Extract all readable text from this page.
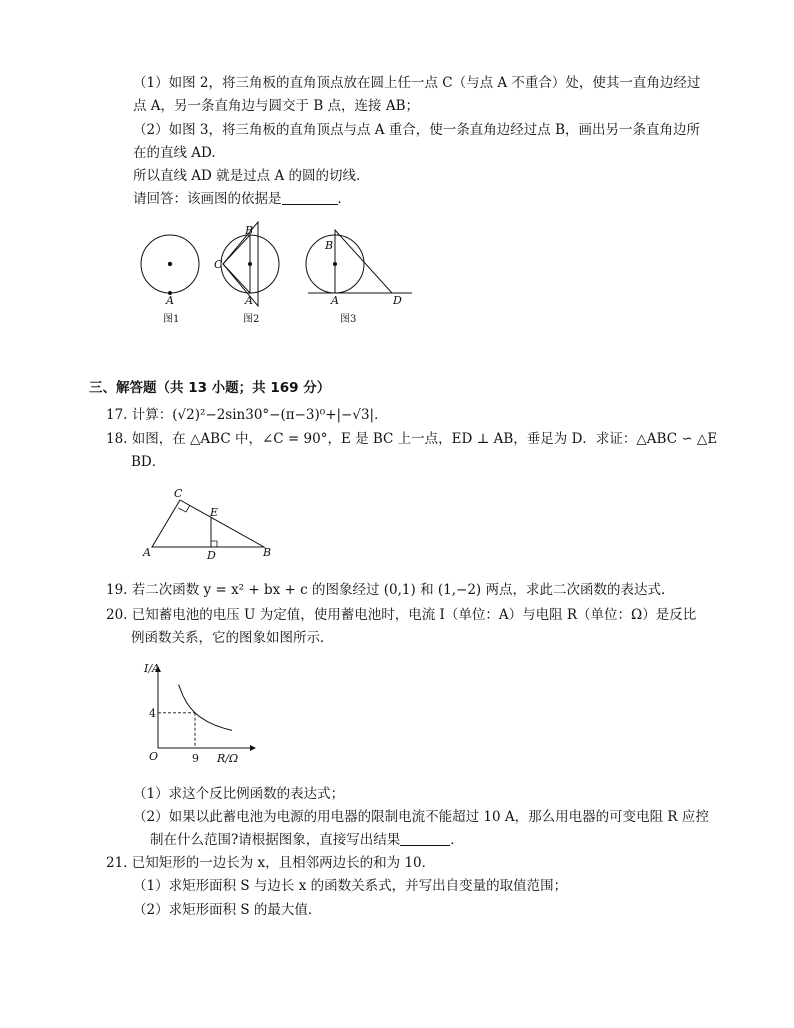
（1）如图 2，将三角板的直角顶点放在圆上任一点 C（与点 A 不重合）处，使其一直角边经过
点 A，另一条直角边与圆交于 B 点，连接 AB；
（2）如图 3，将三角板的直角顶点与点 A 重合，使一条直角边经过点 B，画出另一条直角边所
在的直线 AD.
所以直线 AD 就是过点 A 的圆的切线．
请回答：该画图的依据是	．
A
图1
B
C
A
图2
B
A	D
图3
三、解答题（共 13 小题；共 169 分）
17. 计算：(√2)²−2sin30°−(π−3)⁰+|−√3|．
18. 如图，在 △ABC 中，∠C = 90°，E 是 BC 上一点，ED ⊥ AB，垂足为 D．求证：△ABC ∽ △E
BD．
C
E
A	D	B
19. 若二次函数 y = x² + bx + c 的图象经过 (0,1) 和 (1,−2) 两点，求此二次函数的表达式．
20. 已知蓄电池的电压 U 为定值，使用蓄电池时，电流 I（单位：A）与电阻 R（单位：Ω）是反比
例函数关系，它的图象如图所示．
I/A
R/Ω
O
4
9
（1）求这个反比例函数的表达式；
（2）如果以此蓄电池为电源的用电器的限制电流不能超过 10 A，那么用电器的可变电阻 R 应控
制在什么范围?请根据图象，直接写出结果	．
21. 已知矩形的一边长为 x，且相邻两边长的和为 10．
（1）求矩形面积 S 与边长 x 的函数关系式，并写出自变量的取值范围；
（2）求矩形面积 S 的最大值．
